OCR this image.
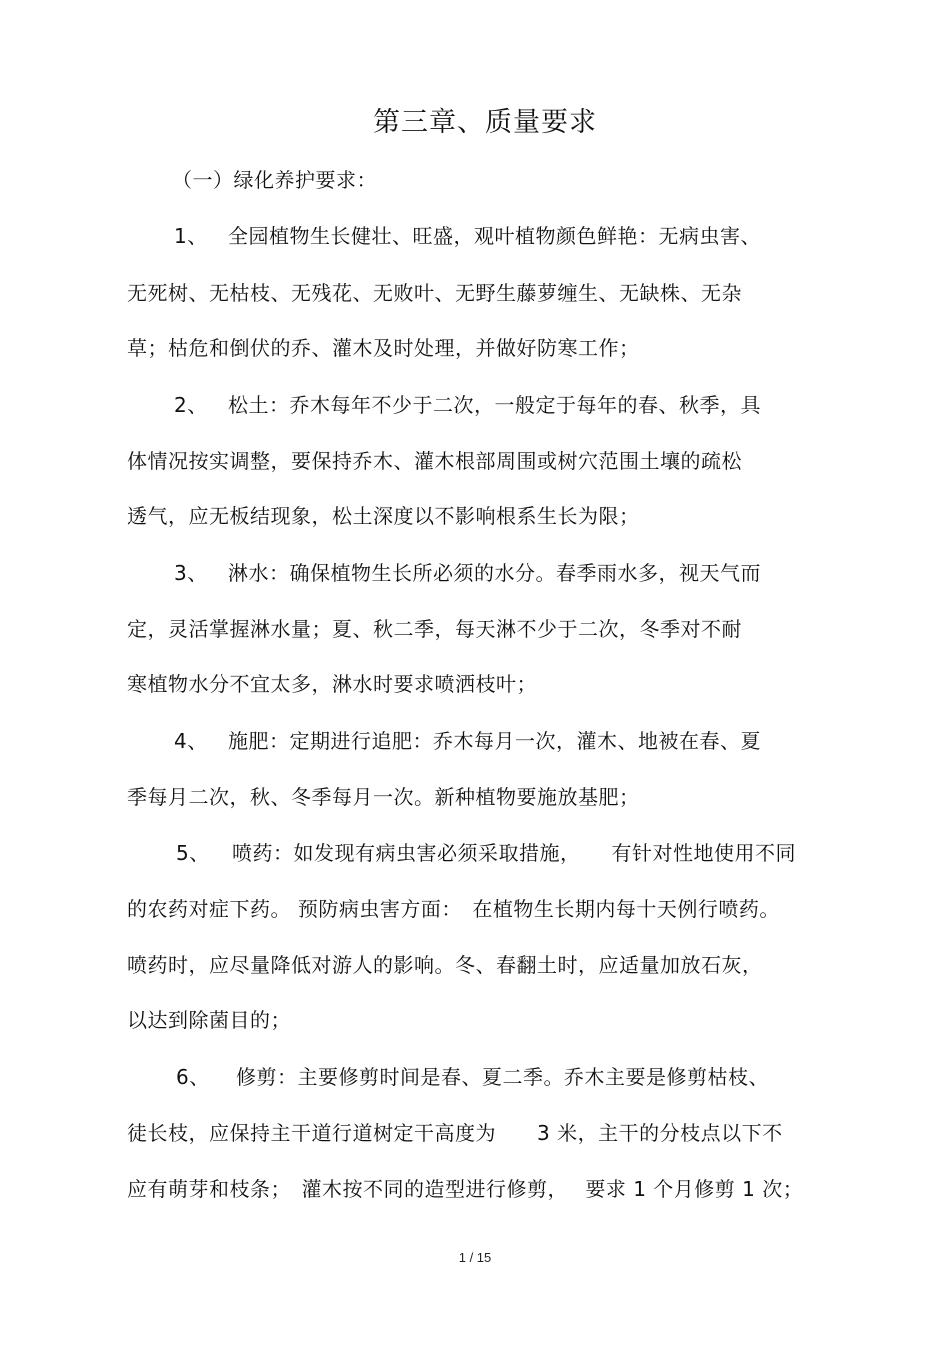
第三章、质量要求
（一）绿化养护要求：
1、 全园植物生长健壮、旺盛，观叶植物颜色鲜艳：无病虫害、
无死树、无枯枝、无残花、无败叶、无野生藤萝缠生、无缺株、无杂
草；枯危和倒伏的乔、灌木及时处理，并做好防寒工作；
2、 松土：乔木每年不少于二次，一般定于每年的春、秋季，具
体情况按实调整，要保持乔木、灌木根部周围或树穴范围土壤的疏松
透气，应无板结现象，松土深度以不影响根系生长为限；
3、 淋水：确保植物生长所必须的水分。春季雨水多，视天气而
定，灵活掌握淋水量；夏、秋二季，每天淋不少于二次，冬季对不耐
寒植物水分不宜太多，淋水时要求喷洒枝叶；
4、 施肥：定期进行追肥：乔木每月一次，灌木、地被在春、夏
季每月二次，秋、冬季每月一次。新种植物要施放基肥；
5、 喷药：如发现有病虫害必须采取措施，　　有针对性地使用不同
的农药对症下药。 预防病虫害方面：　在植物生长期内每十天例行喷药。
喷药时，应尽量降低对游人的影响。冬、春翻土时，应适量加放石灰，
以达到除菌目的；
6、 修剪：主要修剪时间是春、夏二季。乔木主要是修剪枯枝、
徒长枝，应保持主干道行道树定干高度为　　3 米，主干的分枝点以下不
应有萌芽和枝条；　灌木按不同的造型进行修剪，　 要求 1 个月修剪 1 次；
1 / 15
